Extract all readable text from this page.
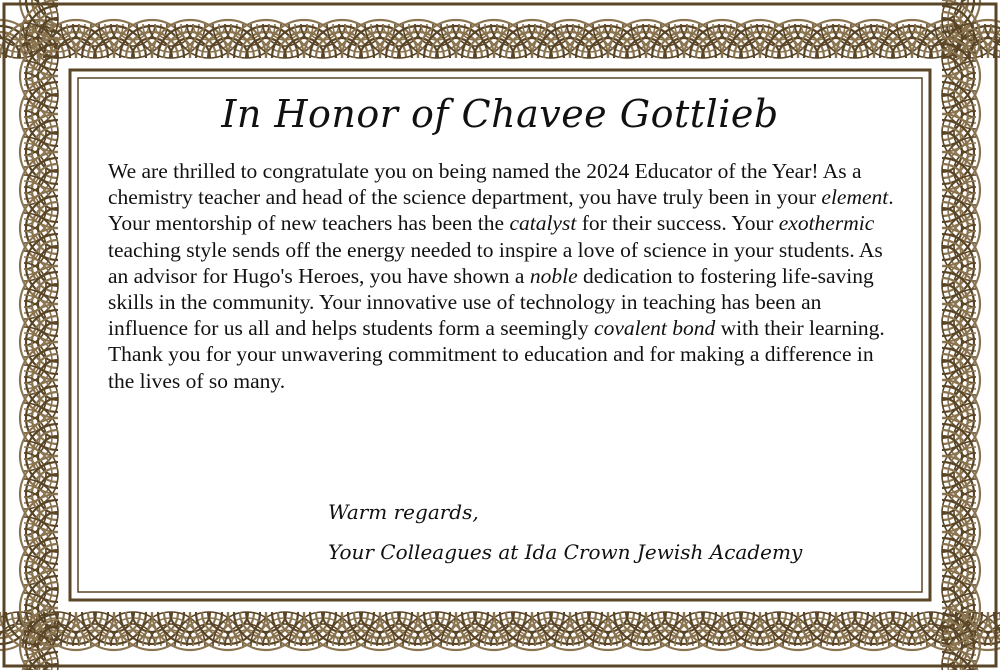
In Honor of Chavee Gottlieb
We are thrilled to congratulate you on being named the 2024 Educator of the Year! As a chemistry teacher and head of the science department, you have truly been in your element. Your mentorship of new teachers has been the catalyst for their success. Your exothermic teaching style sends off the energy needed to inspire a love of science in your students. As an advisor for Hugo's Heroes, you have shown a noble dedication to fostering life-saving skills in the community. Your innovative use of technology in teaching has been an influence for us all and helps students form a seemingly covalent bond with their learning. Thank you for your unwavering commitment to education and for making a difference in the lives of so many.
Warm regards,
Your Colleagues at Ida Crown Jewish Academy
